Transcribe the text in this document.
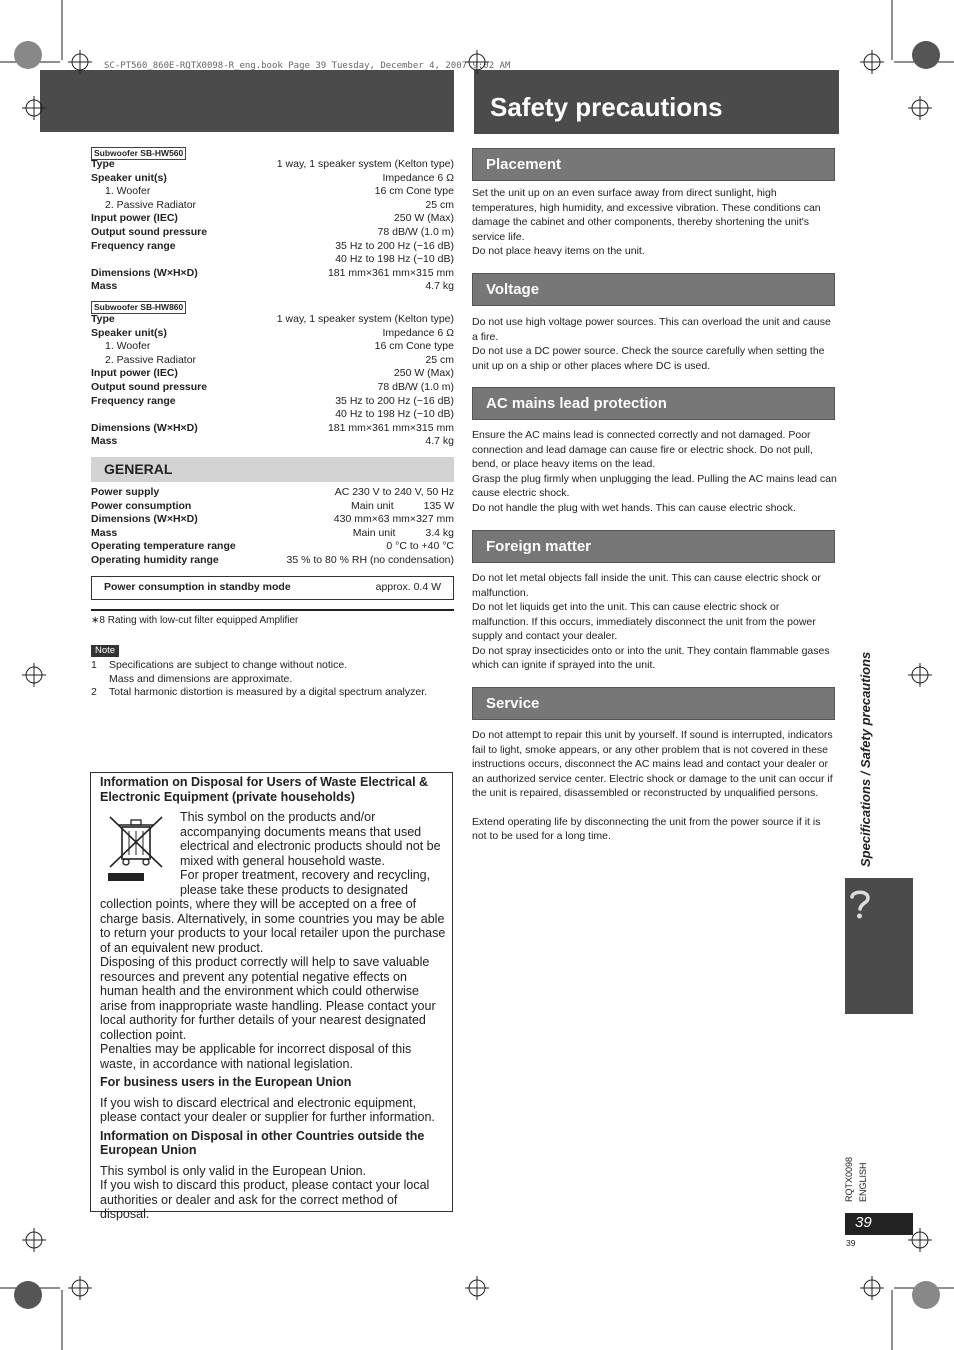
Safety precautions
SC-PT560_860E-RQTX0098-R_eng.book Page 39 Tuesday, December 4, 2007 9:02 AM
Subwoofer SB-HW560
Type	1 way, 1 speaker system (Kelton type)
Speaker unit(s)	Impedance 6 Ω
1. Woofer	16 cm Cone type
2. Passive Radiator	25 cm
Input power (IEC)	250 W (Max)
Output sound pressure	78 dB/W (1.0 m)
Frequency range	35 Hz to 200 Hz (−16 dB)
40 Hz to 198 Hz (−10 dB)
Dimensions (W×H×D)	181 mm×361 mm×315 mm
Mass	4.7 kg
Subwoofer SB-HW860
Type	1 way, 1 speaker system (Kelton type)
Speaker unit(s)	Impedance 6 Ω
1. Woofer	16 cm Cone type
2. Passive Radiator	25 cm
Input power (IEC)	250 W (Max)
Output sound pressure	78 dB/W (1.0 m)
Frequency range	35 Hz to 200 Hz (−16 dB)
40 Hz to 198 Hz (−10 dB)
Dimensions (W×H×D)	181 mm×361 mm×315 mm
Mass	4.7 kg
GENERAL
Power supply	AC 230 V to 240 V, 50 Hz
Power consumption	Main unit	135 W
Dimensions (W×H×D)	430 mm×63 mm×327 mm
Mass	Main unit	3.4 kg
Operating temperature range	0 °C to +40 °C
Operating humidity range	35 % to 80 % RH (no condensation)
Power consumption in standby mode	approx. 0.4 W
∗8 Rating with low-cut filter equipped Amplifier
Note
1	Specifications are subject to change without notice.
Mass and dimensions are approximate.
2	Total harmonic distortion is measured by a digital spectrum analyzer.

Information on Disposal for Users of Waste Electrical & Electronic Equipment (private households)

This symbol on the products and/or accompanying documents means that used electrical and electronic products should not be mixed with general household waste.

For proper treatment, recovery and recycling, please take these products to designated collection points, where they will be accepted on a free of charge basis. Alternatively, in some countries you may be able to return your products to your local retailer upon the purchase of an equivalent new product.

Disposing of this product correctly will help to save valuable resources and prevent any potential negative effects on human health and the environment which could otherwise arise from inappropriate waste handling. Please contact your local authority for further details of your nearest designated collection point.

Penalties may be applicable for incorrect disposal of this waste, in accordance with national legislation.

For business users in the European Union

If you wish to discard electrical and electronic equipment, please contact your dealer or supplier for further information.

Information on Disposal in other Countries outside the European Union

This symbol is only valid in the European Union.

If you wish to discard this product, please contact your local authorities or dealer and ask for the correct method of disposal.

Placement

Set the unit up on an even surface away from direct sunlight, high temperatures, high humidity, and excessive vibration. These conditions can damage the cabinet and other components, thereby shortening the unit's service life.

Do not place heavy items on the unit.

Voltage

Do not use high voltage power sources. This can overload the unit and cause a fire.

Do not use a DC power source. Check the source carefully when setting the unit up on a ship or other places where DC is used.

AC mains lead protection

Ensure the AC mains lead is connected correctly and not damaged. Poor connection and lead damage can cause fire or electric shock. Do not pull, bend, or place heavy items on the lead.

Grasp the plug firmly when unplugging the lead. Pulling the AC mains lead can cause electric shock.

Do not handle the plug with wet hands. This can cause electric shock.

Foreign matter

Do not let metal objects fall inside the unit. This can cause electric shock or malfunction.

Do not let liquids get into the unit. This can cause electric shock or malfunction. If this occurs, immediately disconnect the unit from the power supply and contact your dealer.

Do not spray insecticides onto or into the unit. They contain flammable gases which can ignite if sprayed into the unit.

Service

Do not attempt to repair this unit by yourself. If sound is interrupted, indicators fail to light, smoke appears, or any other problem that is not covered in these instructions occurs, disconnect the AC mains lead and contact your dealer or an authorized service center. Electric shock or damage to the unit can occur if the unit is repaired, disassembled or reconstructed by unqualified persons.

Extend operating life by disconnecting the unit from the power source if it is not to be used for a long time.	Specifications / Safety precautions
RQTX0098 ENGLISH
39
39
